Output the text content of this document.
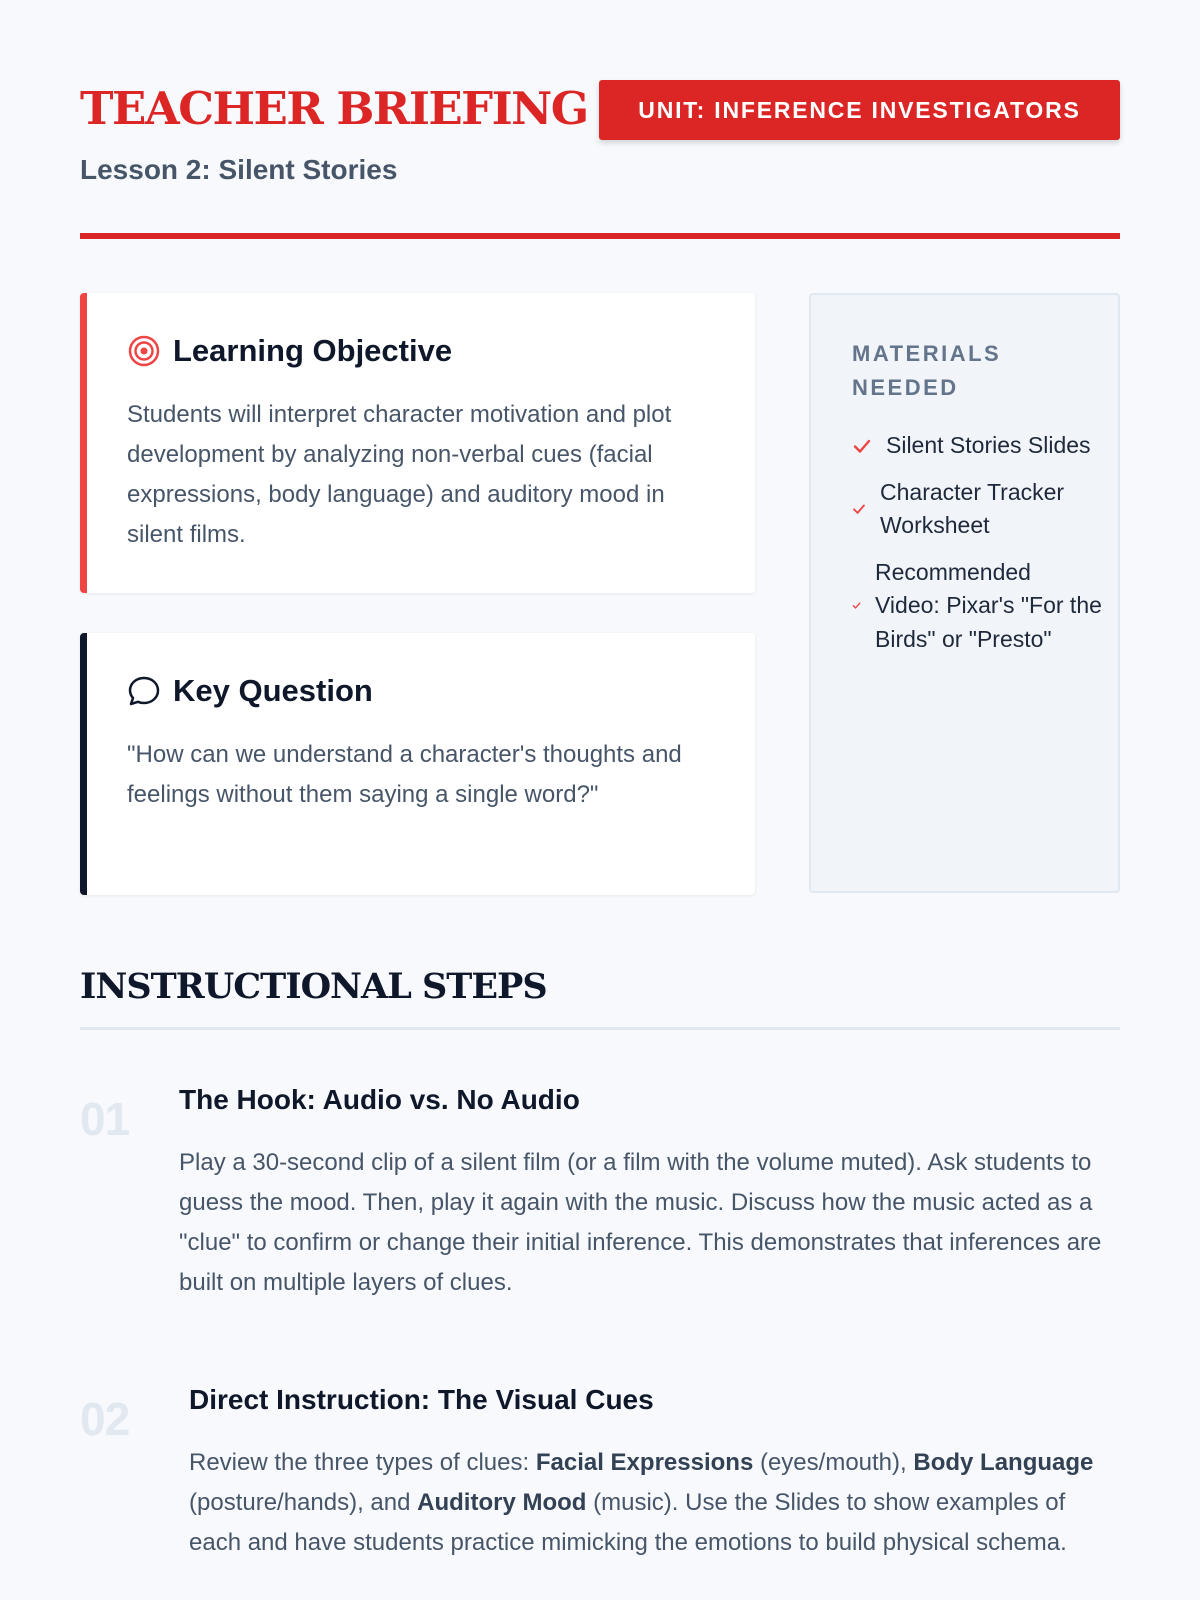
TEACHER BRIEFING
Lesson 2: Silent Stories
UNIT: INFERENCE INVESTIGATORS
Learning Objective
Students will interpret character motivation and plot development by analyzing non-verbal cues (facial expressions, body language) and auditory mood in silent films.
Key Question
"How can we understand a character's thoughts and feelings without them saying a single word?"
MATERIALS NEEDED
Silent Stories Slides
Character Tracker Worksheet
Recommended Video: Pixar's "For the Birds" or "Presto"
INSTRUCTIONAL STEPS
01 The Hook: Audio vs. No Audio
Play a 30-second clip of a silent film (or a film with the volume muted). Ask students to guess the mood. Then, play it again with the music. Discuss how the music acted as a "clue" to confirm or change their initial inference. This demonstrates that inferences are built on multiple layers of clues.
02 Direct Instruction: The Visual Cues
Review the three types of clues: Facial Expressions (eyes/mouth), Body Language (posture/hands), and Auditory Mood (music). Use the Slides to show examples of each and have students practice mimicking the emotions to build physical schema.
